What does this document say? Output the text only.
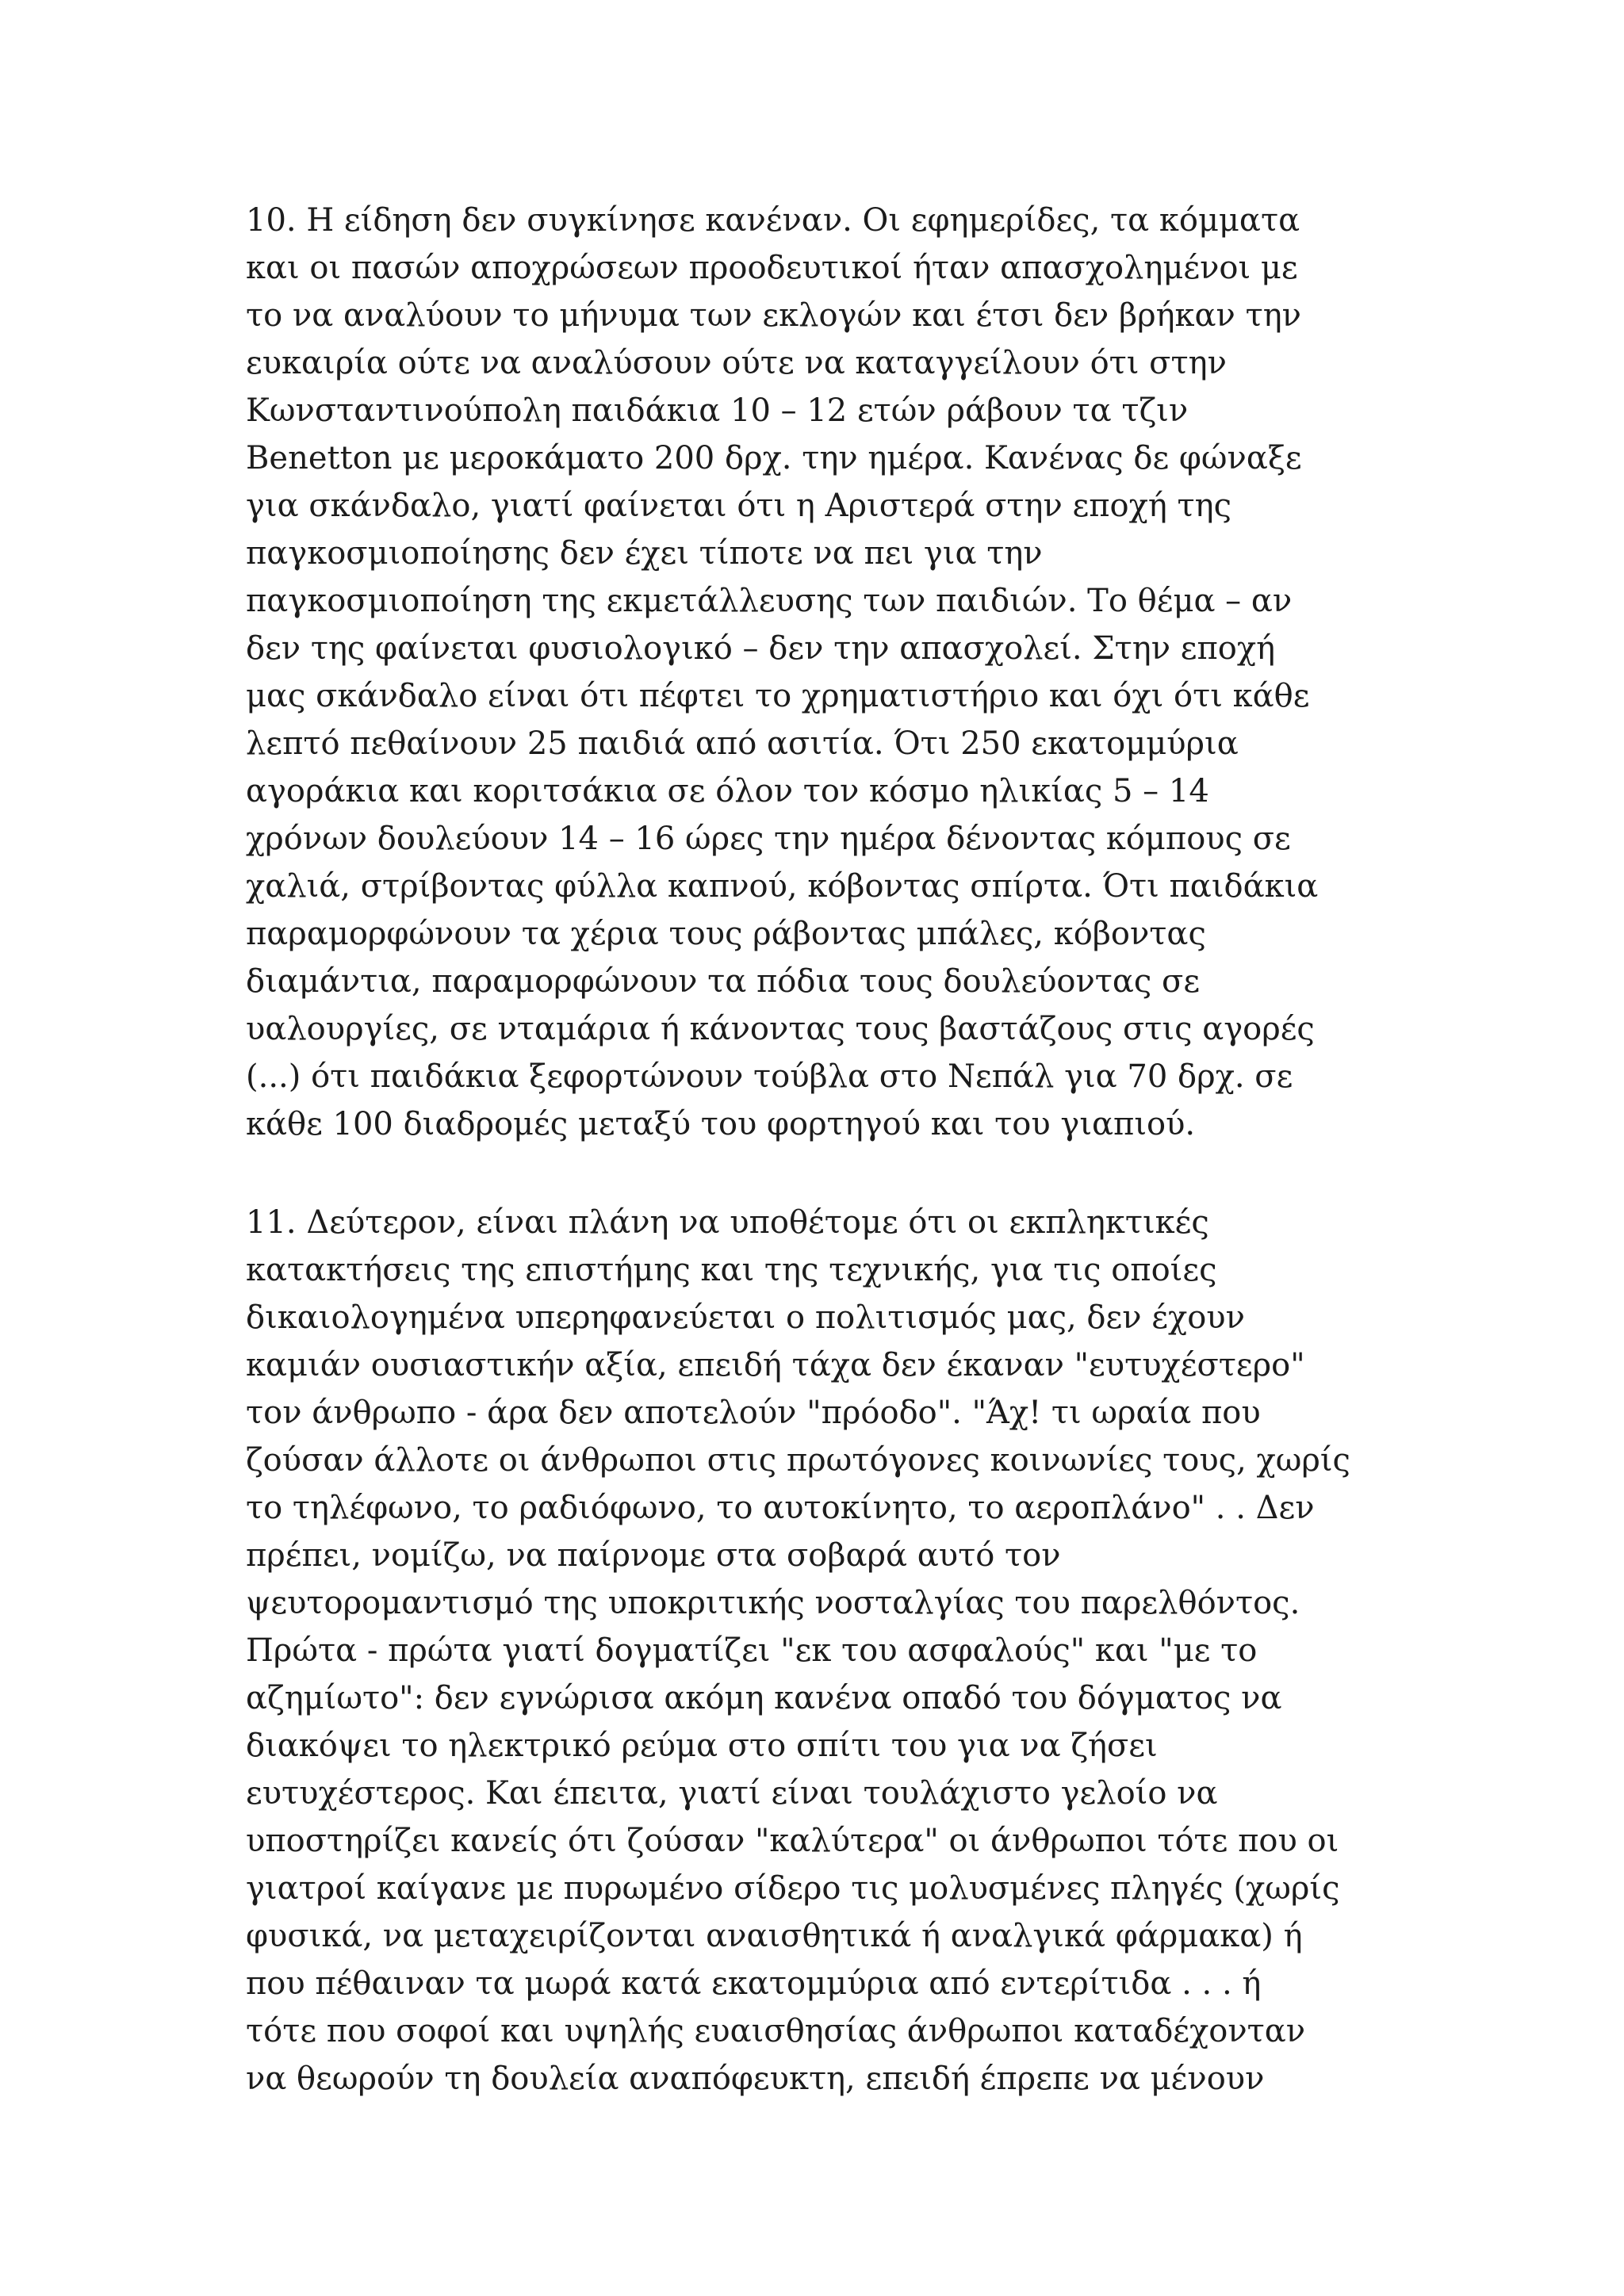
10. Η είδηση δεν συγκίνησε κανέναν. Οι εφημερίδες, τα κόμματα
και οι πασών αποχρώσεων προοδευτικοί ήταν απασχολημένοι με
το να αναλύουν το μήνυμα των εκλογών και έτσι δεν βρήκαν την
ευκαιρία ούτε να αναλύσουν ούτε να καταγγείλουν ότι στην
Κωνσταντινούπολη παιδάκια 10 – 12 ετών ράβουν τα τζιν
Benetton με μεροκάματο 200 δρχ. την ημέρα. Κανένας δε φώναξε
για σκάνδαλο, γιατί φαίνεται ότι η Αριστερά στην εποχή της
παγκοσμιοποίησης δεν έχει τίποτε να πει για την
παγκοσμιοποίηση της εκμετάλλευσης των παιδιών. Το θέμα – αν
δεν της φαίνεται φυσιολογικό – δεν την απασχολεί. Στην εποχή
μας σκάνδαλο είναι ότι πέφτει το χρηματιστήριο και όχι ότι κάθε
λεπτό πεθαίνουν 25 παιδιά από ασιτία. Ότι 250 εκατομμύρια
αγοράκια και κοριτσάκια σε όλον τον κόσμο ηλικίας 5 – 14
χρόνων δουλεύουν 14 – 16 ώρες την ημέρα δένοντας κόμπους σε
χαλιά, στρίβοντας φύλλα καπνού, κόβοντας σπίρτα. Ότι παιδάκια
παραμορφώνουν τα χέρια τους ράβοντας μπάλες, κόβοντας
διαμάντια, παραμορφώνουν τα πόδια τους δουλεύοντας σε
υαλουργίες, σε νταμάρια ή κάνοντας τους βαστάζους στις αγορές
(...) ότι παιδάκια ξεφορτώνουν τούβλα στο Νεπάλ για 70 δρχ. σε
κάθε 100 διαδρομές μεταξύ του φορτηγού και του γιαπιού.

11. Δεύτερον, είναι πλάνη να υποθέτομε ότι οι εκπληκτικές
κατακτήσεις της επιστήμης και της τεχνικής, για τις οποίες
δικαιολογημένα υπερηφανεύεται ο πολιτισμός μας, δεν έχουν
καμιάν ουσιαστικήν αξία, επειδή τάχα δεν έκαναν "ευτυχέστερο"
τον άνθρωπο - άρα δεν αποτελούν "πρόοδο". "Άχ! τι ωραία που
ζούσαν άλλοτε οι άνθρωποι στις πρωτόγονες κοινωνίες τους, χωρίς
το τηλέφωνο, το ραδιόφωνο, το αυτοκίνητο, το αεροπλάνο" . . Δεν
πρέπει, νομίζω, να παίρνομε στα σοβαρά αυτό τον
ψευτορομαντισμό της υποκριτικής νοσταλγίας του παρελθόντος.
Πρώτα - πρώτα γιατί δογματίζει "εκ του ασφαλούς" και "με το
αζημίωτο": δεν εγνώρισα ακόμη κανένα οπαδό του δόγματος να
διακόψει το ηλεκτρικό ρεύμα στο σπίτι του για να ζήσει
ευτυχέστερος. Και έπειτα, γιατί είναι τουλάχιστο γελοίο να
υποστηρίζει κανείς ότι ζούσαν "καλύτερα" οι άνθρωποι τότε που οι
γιατροί καίγανε με πυρωμένο σίδερο τις μολυσμένες πληγές (χωρίς
φυσικά, να μεταχειρίζονται αναισθητικά ή αναλγικά φάρμακα) ή
που πέθαιναν τα μωρά κατά εκατομμύρια από εντερίτιδα . . . ή
τότε που σοφοί και υψηλής ευαισθησίας άνθρωποι καταδέχονταν
να θεωρούν τη δουλεία αναπόφευκτη, επειδή έπρεπε να μένουν
